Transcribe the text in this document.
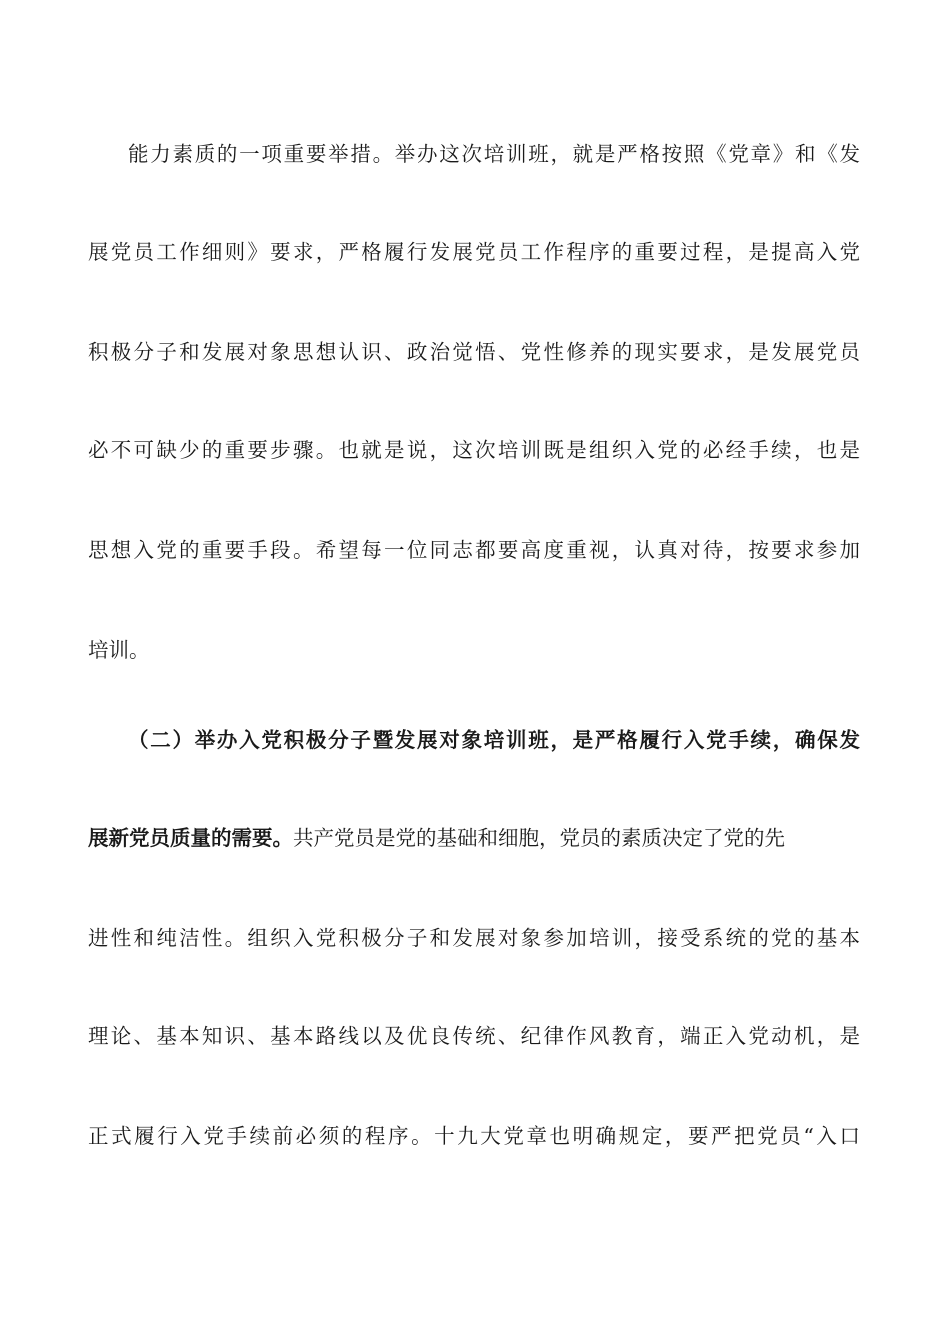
能力素质的一项重要举措。举办这次培训班，就是严格按照《党章》和《发
展党员工作细则》要求，严格履行发展党员工作程序的重要过程，是提高入党
积极分子和发展对象思想认识、政治觉悟、党性修养的现实要求，是发展党员
必不可缺少的重要步骤。也就是说，这次培训既是组织入党的必经手续，也是
思想入党的重要手段。希望每一位同志都要高度重视，认真对待，按要求参加
培训。
（二）举办入党积极分子暨发展对象培训班，是严格履行入党手续，确保发
展新党员质量的需要。共产党员是党的基础和细胞，党员的素质决定了党的先
进性和纯洁性。组织入党积极分子和发展对象参加培训，接受系统的党的基本
理论、基本知识、基本路线以及优良传统、纪律作风教育，端正入党动机，是
正式履行入党手续前必须的程序。十九大党章也明确规定，要严把党员“入口
